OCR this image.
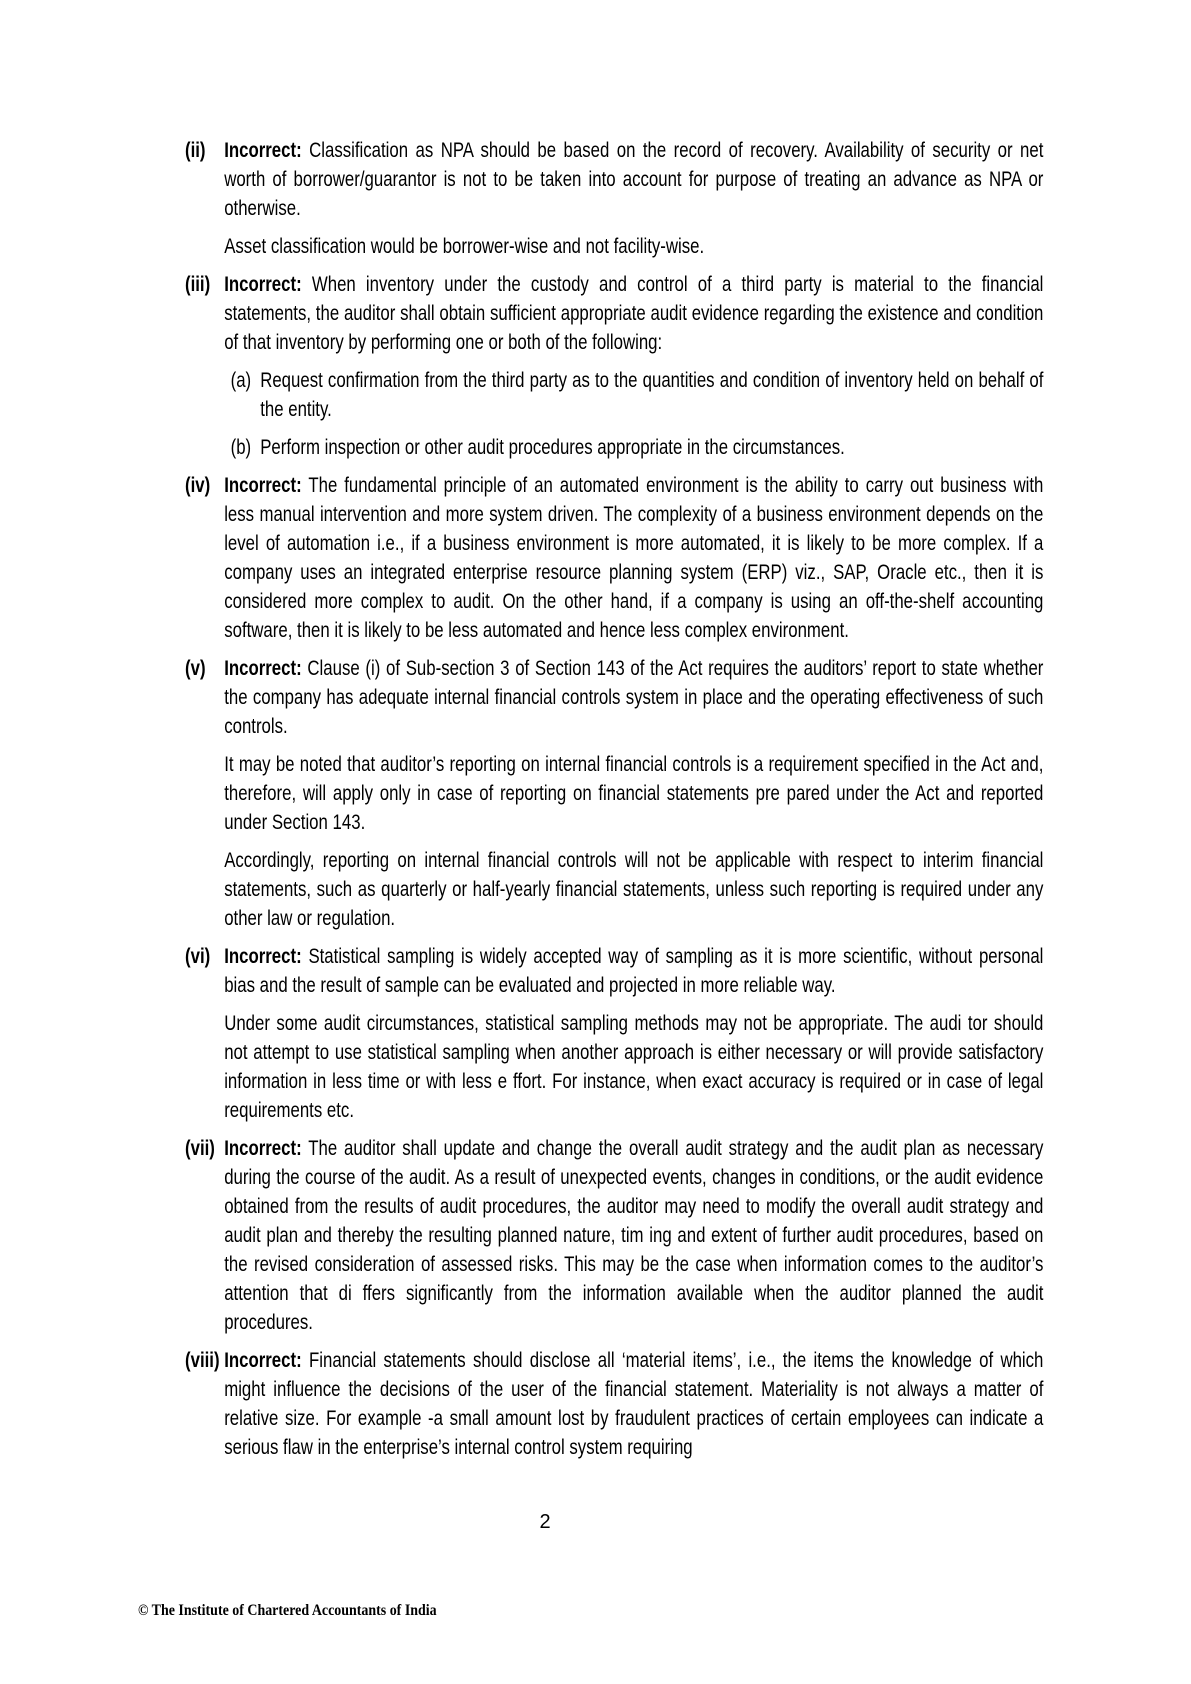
(ii) Incorrect: Classification as NPA should be based on the record of recovery. Availability of security or net worth of borrower/guarantor is not to be taken into account for purpose of treating an advance as NPA or otherwise.

Asset classification would be borrower-wise and not facility-wise.

(iii) Incorrect: When inventory under the custody and control of a third party is material to the financial statements, the auditor shall obtain sufficient appropriate audit evidence regarding the existence and condition of that inventory by performing one or both of the following:

(a) Request confirmation from the third party as to the quantities and condition of inventory held on behalf of the entity.

(b) Perform inspection or other audit procedures appropriate in the circumstances.

(iv) Incorrect: The fundamental principle of an automated environment is the ability to carry out business with less manual intervention and more system driven. The complexity of a business environment depends on the level of automation i.e., if a business environment is more automated, it is likely to be more complex. If a company uses an integrated enterprise resource planning system (ERP) viz., SAP, Oracle etc., then it is considered more complex to audit. On the other hand, if a company is using an off-the-shelf accounting software, then it is likely to be less automated and hence less complex environment.

(v) Incorrect: Clause (i) of Sub-section 3 of Section 143 of the Act requires the auditors’ report to state whether the company has adequate internal financial controls system in place and the operating effectiveness of such controls.

It may be noted that auditor’s reporting on internal financial controls is a requirement specified in the Act and, therefore, will apply only in case of reporting on financial statements pre pared under the Act and reported under Section 143.

Accordingly, reporting on internal financial controls will not be applicable with respect to interim financial statements, such as quarterly or half-yearly financial statements, unless such reporting is required under any other law or regulation.

(vi) Incorrect: Statistical sampling is widely accepted way of sampling as it is more scientific, without personal bias and the result of sample can be evaluated and projected in more reliable way.

Under some audit circumstances, statistical sampling methods may not be appropriate. The audi tor should not attempt to use statistical sampling when another approach is either necessary or will provide satisfactory information in less time or with less e ffort. For instance, when exact accuracy is required or in case of legal requirements etc.

(vii) Incorrect: The auditor shall update and change the overall audit strategy and the audit plan as necessary during the course of the audit. As a result of unexpected events, changes in conditions, or the audit evidence obtained from the results of audit procedures, the auditor may need to modify the overall audit strategy and audit plan and thereby the resulting planned nature, tim ing and extent of further audit procedures, based on the revised consideration of assessed risks. This may be the case when information comes to the auditor’s attention that di ffers significantly from the information available when the auditor planned the audit procedures.

(viii) Incorrect: Financial statements should disclose all ‘material items’, i.e., the items the knowledge of which might influence the decisions of the user of the financial statement. Materiality is not always a matter of relative size. For example -a small amount lost by fraudulent practices of certain employees can indicate a serious flaw in the enterprise’s internal control system requiring

2
© The Institute of Chartered Accountants of India
